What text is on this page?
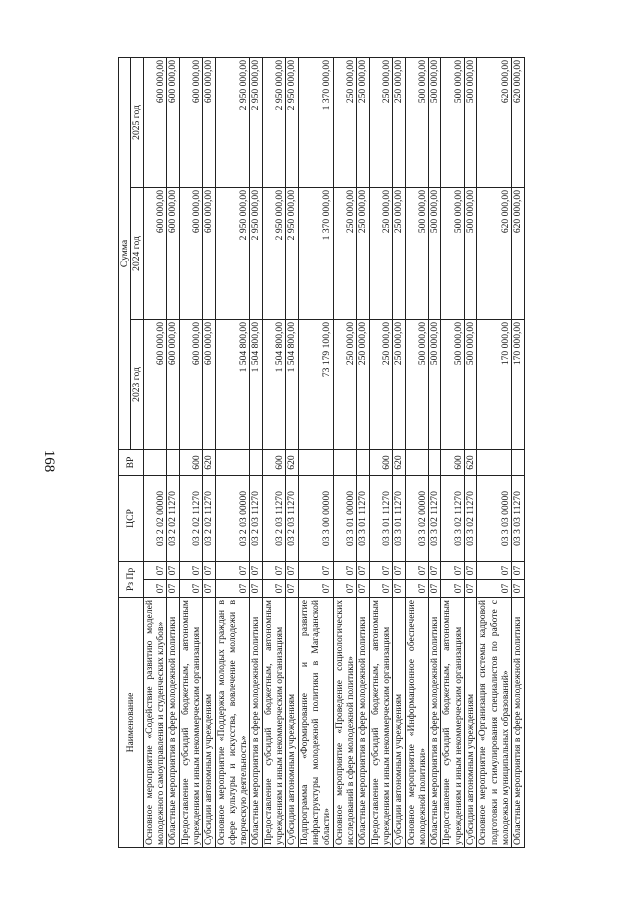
168
Наименование	Рз Пр		ЦСР	ВР	Сумма		
					2023 год	2024 год	2025 год
Основное мероприятие «Содействие развитию моделей молодежного самоуправления и студенческих клубов»	07	07	03 2 02 00000		600 000,00	600 000,00	600 000,00
Областные мероприятия в сфере молодежной политики	07	07	03 2 02 11270		600 000,00	600 000,00	600 000,00
Предоставление субсидий бюджетным, автономным учреждениям и иным некоммерческим организациям	07	07	03 2 02 11270	600	600 000,00	600 000,00	600 000,00
Субсидии автономным учреждениям	07	07	03 2 02 11270	620	600 000,00	600 000,00	600 000,00
Основное мероприятие «Поддержка молодых граждан в сфере культуры и искусства, вовлечение молодежи в творческую деятельность»	07	07	03 2 03 00000		1 504 800,00	2 950 000,00	2 950 000,00
Областные мероприятия в сфере молодежной политики	07	07	03 2 03 11270		1 504 800,00	2 950 000,00	2 950 000,00
Предоставление субсидий бюджетным, автономным учреждениям и иным некоммерческим организациям	07	07	03 2 03 11270	600	1 504 800,00	2 950 000,00	2 950 000,00
Субсидии автономным учреждениям	07	07	03 2 03 11270	620	1 504 800,00	2 950 000,00	2 950 000,00
Подпрограмма «Формирование и развитие инфраструктуры молодежной политики в Магаданской области»	07	07	03 3 00 00000		73 179 100,00	1 370 000,00	1 370 000,00
Основное мероприятие «Проведение социологических исследований в сфере молодежной политики»	07	07	03 3 01 00000		250 000,00	250 000,00	250 000,00
Областные мероприятия в сфере молодежной политики	07	07	03 3 01 11270		250 000,00	250 000,00	250 000,00
Предоставление субсидий бюджетным, автономным учреждениям и иным некоммерческим организациям	07	07	03 3 01 11270	600	250 000,00	250 000,00	250 000,00
Субсидии автономным учреждениям	07	07	03 3 01 11270	620	250 000,00	250 000,00	250 000,00
Основное мероприятие «Информационное обеспечение молодежной политики»	07	07	03 3 02 00000		500 000,00	500 000,00	500 000,00
Областные мероприятия в сфере молодежной политики	07	07	03 3 02 11270		500 000,00	500 000,00	500 000,00
Предоставление субсидий бюджетным, автономным учреждениям и иным некоммерческим организациям	07	07	03 3 02 11270	600	500 000,00	500 000,00	500 000,00
Субсидии автономным учреждениям	07	07	03 3 02 11270	620	500 000,00	500 000,00	500 000,00
Основное мероприятие «Организация системы кадровой подготовки и стимулирования специалистов по работе с молодежью муниципальных образований»	07	07	03 3 03 00000		170 000,00	620 000,00	620 000,00
Областные мероприятия в сфере молодежной политики	07	07	03 3 03 11270		170 000,00	620 000,00	620 000,00
